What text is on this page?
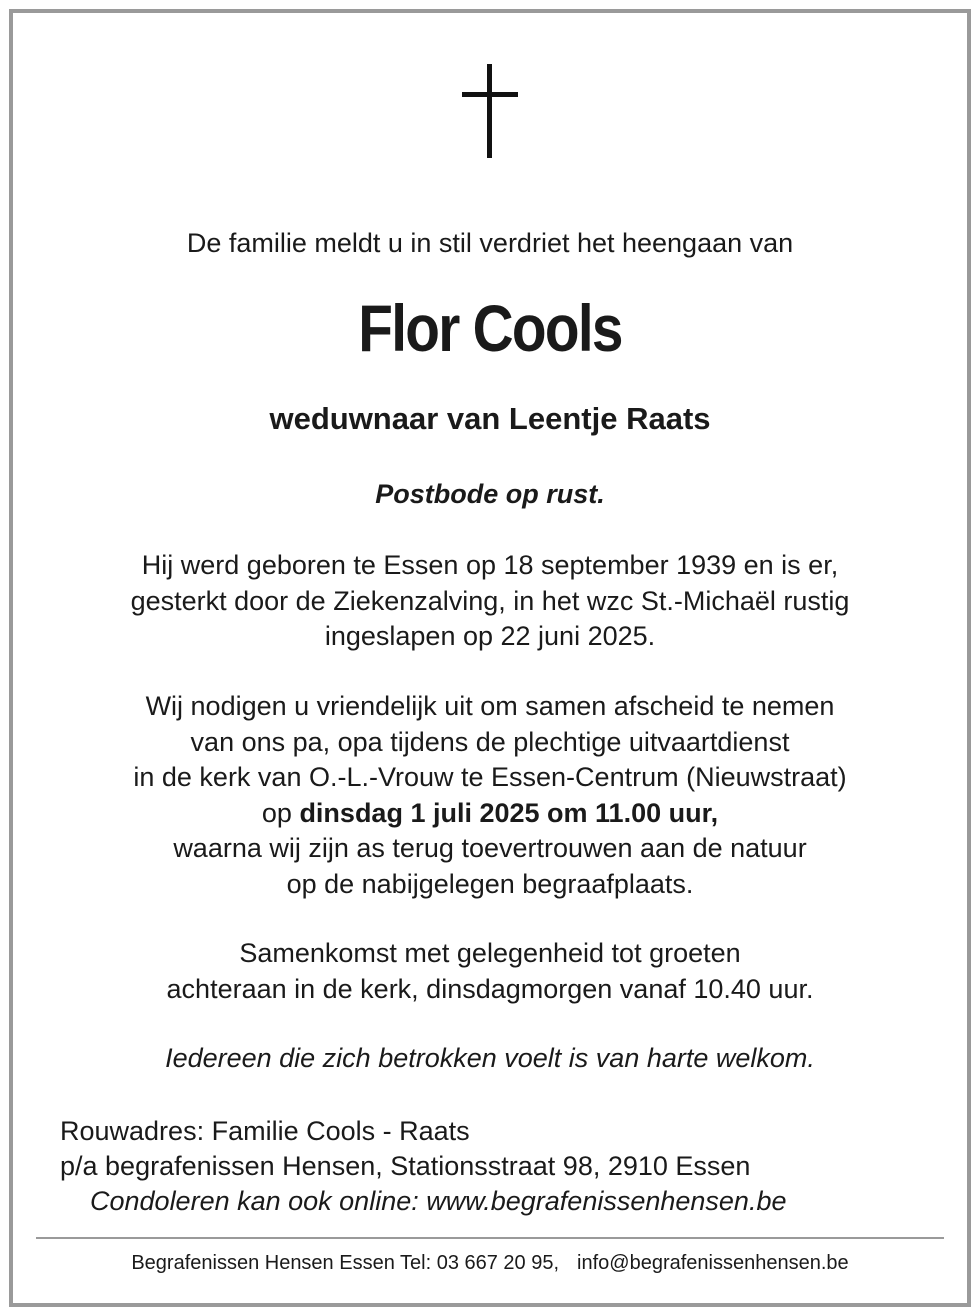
De familie meldt u in stil verdriet het heengaan van
Flor Cools
weduwnaar van Leentje Raats
Postbode op rust.
Hij werd geboren te Essen op 18 september 1939 en is er,
gesterkt door de Ziekenzalving, in het wzc St.-Michaël rustig
ingeslapen op 22 juni 2025.
Wij nodigen u vriendelijk uit om samen afscheid te nemen
van ons pa, opa tijdens de plechtige uitvaartdienst
in de kerk van O.-L.-Vrouw te Essen-Centrum (Nieuwstraat)
op dinsdag 1 juli 2025 om 11.00 uur,
waarna wij zijn as terug toevertrouwen aan de natuur
op de nabijgelegen begraafplaats.
Samenkomst met gelegenheid tot groeten
achteraan in de kerk, dinsdagmorgen vanaf 10.40 uur.
Iedereen die zich betrokken voelt is van harte welkom.
Rouwadres: Familie Cools - Raats
p/a begrafenissen Hensen, Stationsstraat 98, 2910 Essen
Condoleren kan ook online: www.begrafenissenhensen.be
Begrafenissen Hensen Essen Tel: 03 667 20 95, info@begrafenissenhensen.be
